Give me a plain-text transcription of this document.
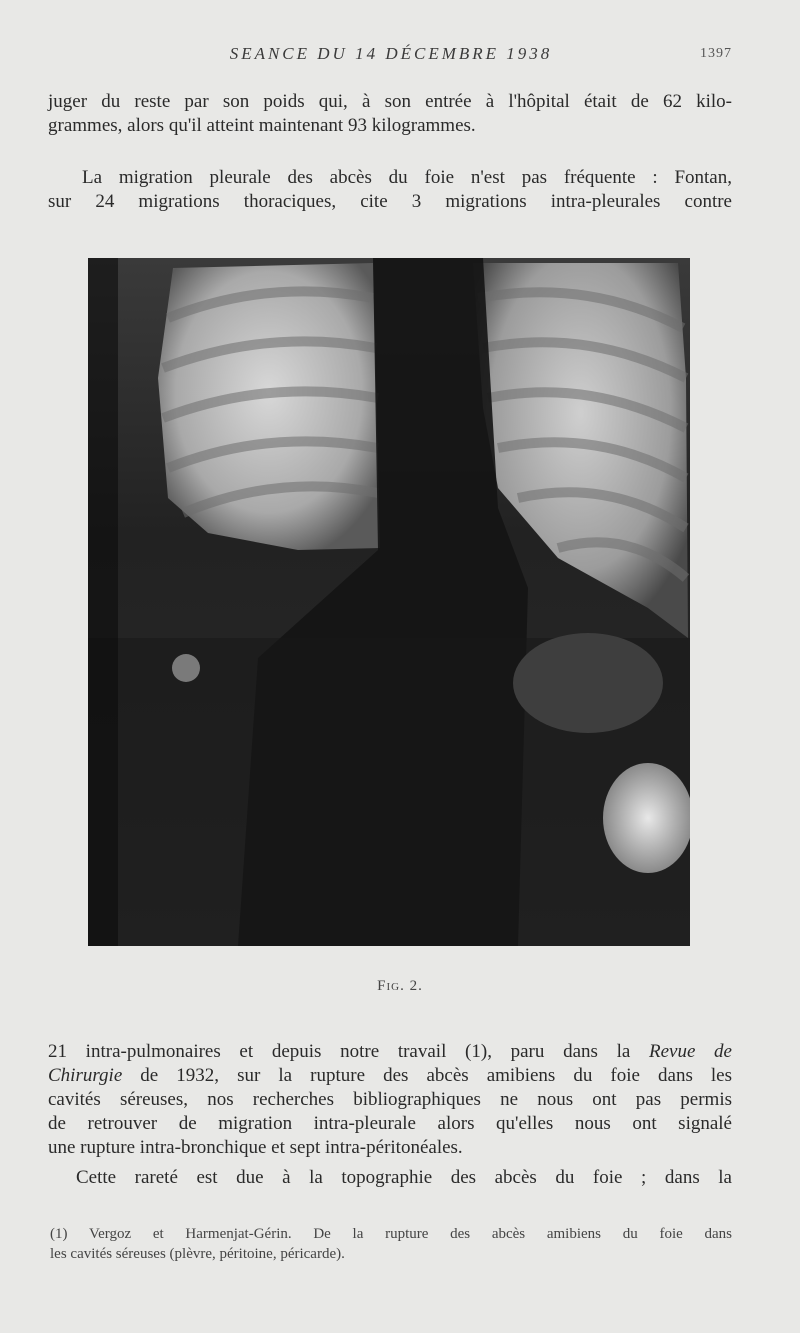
SEANCE DU 14 DÉCEMBRE 1938	1397
juger du reste par son poids qui, à son entrée à l'hôpital était de 62 kilo-
grammes, alors qu'il atteint maintenant 93 kilogrammes.
La migration pleurale des abcès du foie n'est pas fréquente : Fontan,
sur 24 migrations thoraciques, cite 3 migrations intra-pleurales contre
Fig. 2.
21 intra-pulmonaires et depuis notre travail (1), paru dans la Revue de
Chirurgie de 1932, sur la rupture des abcès amibiens du foie dans les
cavités séreuses, nos recherches bibliographiques ne nous ont pas permis
de retrouver de migration intra-pleurale alors qu'elles nous ont signalé
une rupture intra-bronchique et sept intra-péritonéales.
Cette rareté est due à la topographie des abcès du foie ; dans la
(1) Vergoz et Harmenjat-Gérin. De la rupture des abcès amibiens du foie dans
les cavités séreuses (plèvre, péritoine, péricarde).
